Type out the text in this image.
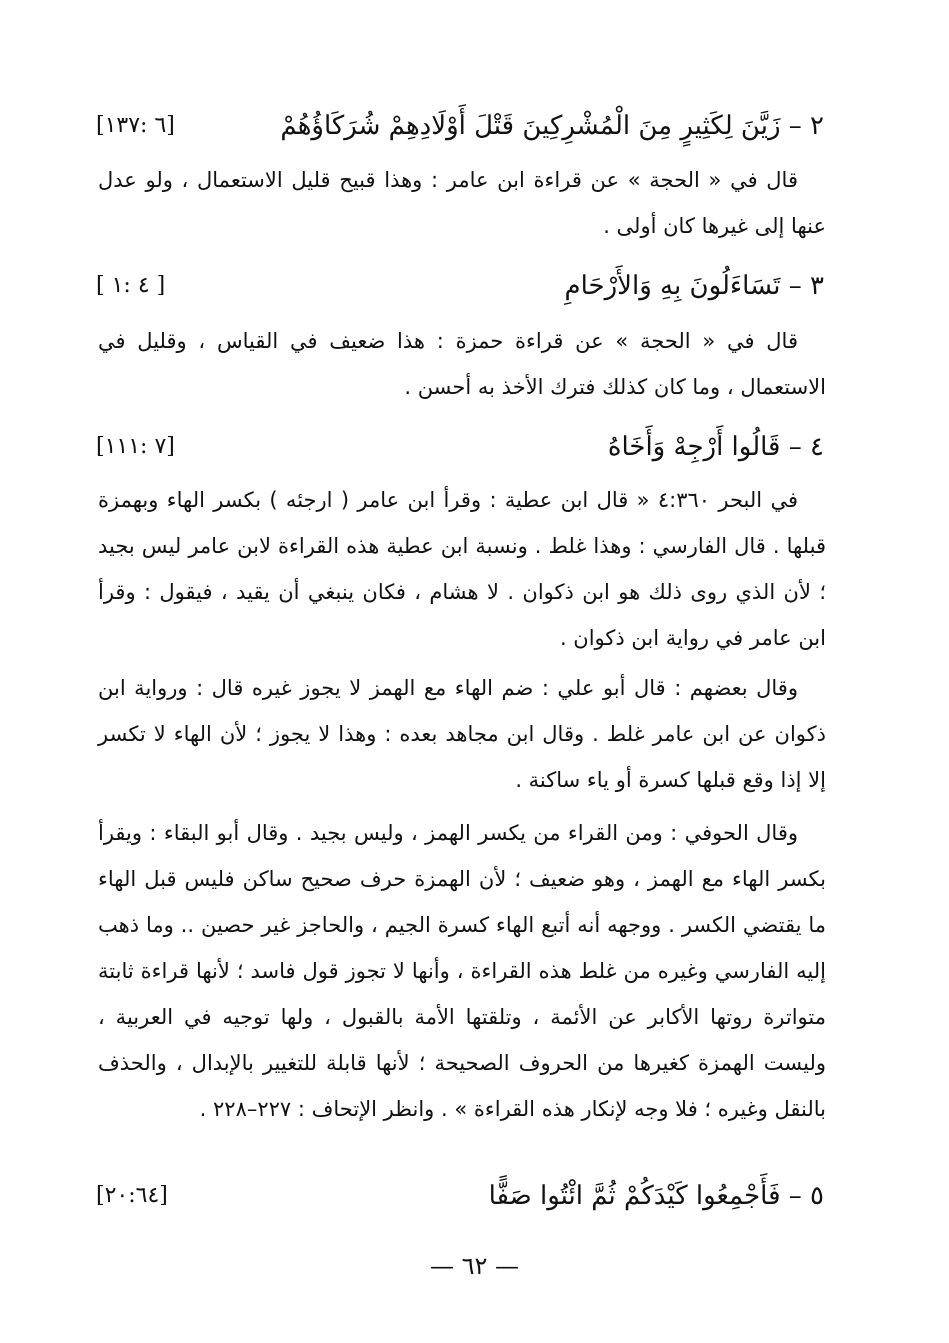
٢ – زَيَّنَ لِكَثِيرٍ مِنَ الْمُشْرِكِينَ قَتْلَ أَوْلَادِهِمْ شُرَكَاؤُهُمْ
[٦ :١٣٧]
قال في « الحجة » عن قراءة ابن عامر : وهذا قبيح قليل الاستعمال ، ولو عدل عنها إلى غيرها كان أولى .
٣ – تَسَاءَلُونَ بِهِ وَالأَرْحَامِ
[ ٤ :١ ]
قال في « الحجة » عن قراءة حمزة : هذا ضعيف في القياس ، وقليل في الاستعمال ، وما كان كذلك فترك الأخذ به أحسن .
٤ – قَالُوا أَرْجِهْ وَأَخَاهُ
[٧ :١١١]
في البحر ٤:٣٦٠ « قال ابن عطية : وقرأ ابن عامر ( ارجئه ) بكسر الهاء وبهمزة قبلها . قال الفارسي : وهذا غلط . ونسبة ابن عطية هذه القراءة لابن عامر ليس بجيد ؛ لأن الذي روى ذلك هو ابن ذكوان . لا هشام ، فكان ينبغي أن يقيد ، فيقول : وقرأ ابن عامر في رواية ابن ذكوان .
وقال بعضهم : قال أبو علي : ضم الهاء مع الهمز لا يجوز غيره قال : ورواية ابن ذكوان عن ابن عامر غلط . وقال ابن مجاهد بعده : وهذا لا يجوز ؛ لأن الهاء لا تكسر إلا إذا وقع قبلها كسرة أو ياء ساكنة .
وقال الحوفي : ومن القراء من يكسر الهمز ، وليس بجيد . وقال أبو البقاء : ويقرأ بكسر الهاء مع الهمز ، وهو ضعيف ؛ لأن الهمزة حرف صحيح ساكن فليس قبل الهاء ما يقتضي الكسر . ووجهه أنه أتبع الهاء كسرة الجيم ، والحاجز غير حصين .. وما ذهب إليه الفارسي وغيره من غلط هذه القراءة ، وأنها لا تجوز قول فاسد ؛ لأنها قراءة ثابتة متواترة روتها الأكابر عن الأئمة ، وتلقتها الأمة بالقبول ، ولها توجيه في العربية ، وليست الهمزة كغيرها من الحروف الصحيحة ؛ لأنها قابلة للتغيير بالإبدال ، والحذف بالنقل وغيره ؛ فلا وجه لإنكار هذه القراءة » . وانظر الإتحاف : ٢٢٧–٢٢٨ .
٥ – فَأَجْمِعُوا كَيْدَكُمْ ثُمَّ ائْتُوا صَفًّا
[٢٠:٦٤]
— ٦٢ —
